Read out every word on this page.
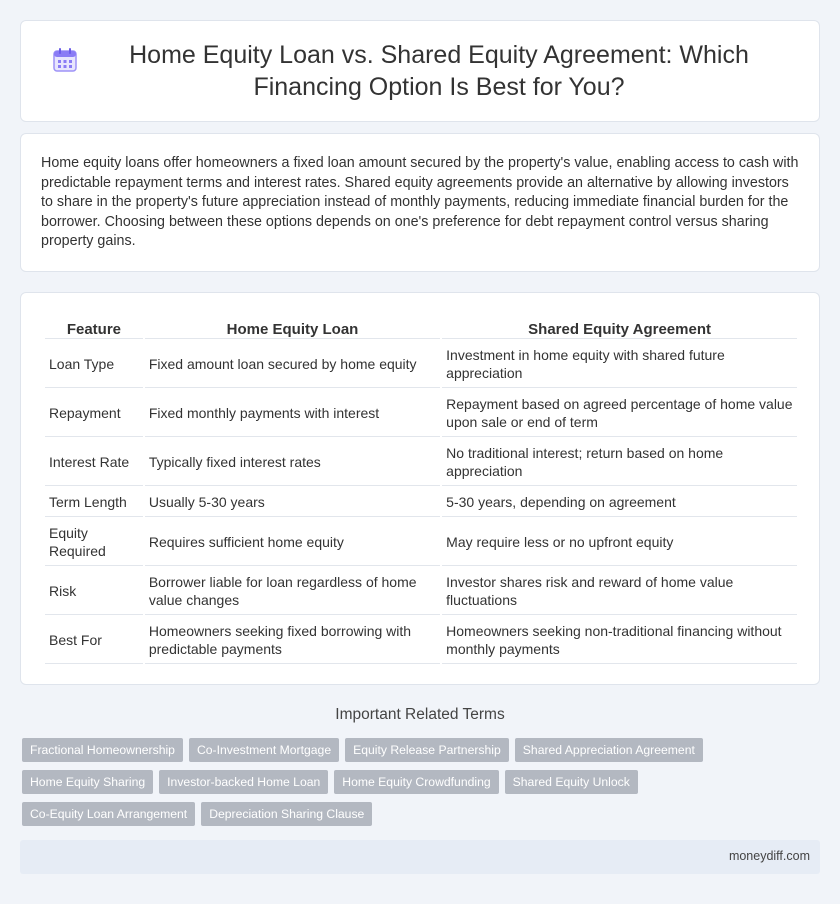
Home Equity Loan vs. Shared Equity Agreement: Which Financing Option Is Best for You?

Home equity loans offer homeowners a fixed loan amount secured by the property's value, enabling access to cash with predictable repayment terms and interest rates. Shared equity agreements provide an alternative by allowing investors to share in the property's future appreciation instead of monthly payments, reducing immediate financial burden for the borrower. Choosing between these options depends on one's preference for debt repayment control versus sharing property gains.

Feature	Home Equity Loan	Shared Equity Agreement
Loan Type	Fixed amount loan secured by home equity	Investment in home equity with shared future appreciation
Repayment	Fixed monthly payments with interest	Repayment based on agreed percentage of home value upon sale or end of term
Interest Rate	Typically fixed interest rates	No traditional interest; return based on home appreciation
Term Length	Usually 5-30 years	5-30 years, depending on agreement
Equity Required	Requires sufficient home equity	May require less or no upfront equity
Risk	Borrower liable for loan regardless of home value changes	Investor shares risk and reward of home value fluctuations
Best For	Homeowners seeking fixed borrowing with predictable payments	Homeowners seeking non-traditional financing without monthly payments
Important Related Terms
Fractional Homeownership	Co-Investment Mortgage	Equity Release Partnership	Shared Appreciation Agreement
Home Equity Sharing	Investor-backed Home Loan	Home Equity Crowdfunding	Shared Equity Unlock
Co-Equity Loan Arrangement	Depreciation Sharing Clause
moneydiff.com
